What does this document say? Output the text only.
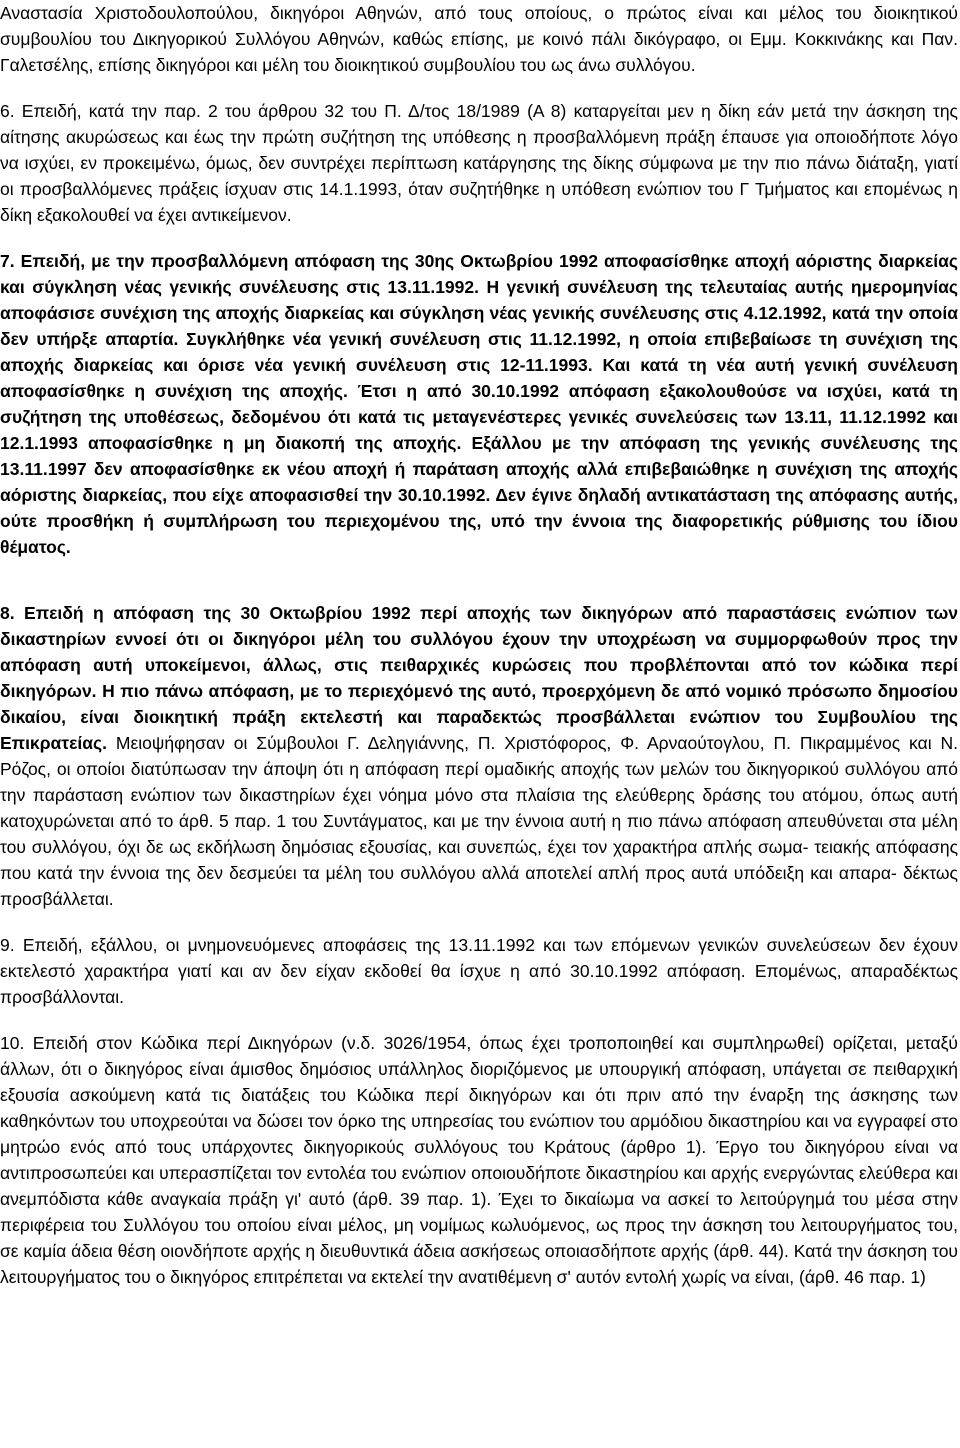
Αναστασία Χριστοδουλοπούλου, δικηγόροι Αθηνών, από τους οποίους, ο πρώτος είναι και μέλος του διοικητικού συμβουλίου του Δικηγορικού Συλλόγου Αθηνών, καθώς επίσης, με κοινό πάλι δικόγραφο, οι Εμμ. Κοκκινάκης και Παν. Γαλετσέλης, επίσης δικηγόροι και μέλη του διοικητικού συμβουλίου του ως άνω συλλόγου.

6. Επειδή, κατά την παρ. 2 του άρθρου 32 του Π. Δ/τος 18/1989 (Α 8) καταργείται μεν η δίκη εάν μετά την άσκηση της αίτησης ακυρώσεως και έως την πρώτη συζήτηση της υπόθεσης η προσβαλλόμενη πράξη έπαυσε για οποιοδήποτε λόγο να ισχύει, εν προκειμένω, όμως, δεν συντρέχει περίπτωση κατάργησης της δίκης σύμφωνα με την πιο πάνω διάταξη, γιατί οι προσβαλλόμενες πράξεις ίσχυαν στις 14.1.1993, όταν συζητήθηκε η υπόθεση ενώπιον του Γ Τμήματος και επομένως η δίκη εξακολουθεί να έχει αντικείμενον.

7. Επειδή, με την προσβαλλόμενη απόφαση της 30ης Οκτωβρίου 1992 αποφασίσθηκε αποχή αόριστης διαρκείας και σύγκληση νέας γενικής συνέλευσης στις 13.11.1992. Η γενική συνέλευση της τελευταίας αυτής ημερομηνίας αποφάσισε συνέχιση της αποχής διαρκείας και σύγκληση νέας γενικής συνέλευσης στις 4.12.1992, κατά την οποία δεν υπήρξε απαρτία. Συγκλήθηκε νέα γενική συνέλευση στις 11.12.1992, η οποία επιβεβαίωσε τη συνέχιση της αποχής διαρκείας και όρισε νέα γενική συνέλευση στις 12-11.1993. Και κατά τη νέα αυτή γενική συνέλευση αποφασίσθηκε η συνέχιση της αποχής. Έτσι η από 30.10.1992 απόφαση εξακολουθούσε να ισχύει, κατά τη συζήτηση της υποθέσεως, δεδομένου ότι κατά τις μεταγενέστερες γενικές συνελεύσεις των 13.11, 11.12.1992 και 12.1.1993 αποφασίσθηκε η μη διακοπή της αποχής. Εξάλλου με την απόφαση της γενικής συνέλευσης της 13.11.1997 δεν αποφασίσθηκε εκ νέου αποχή ή παράταση αποχής αλλά επιβεβαιώθηκε η συνέχιση της αποχής αόριστης διαρκείας, που είχε αποφασισθεί την 30.10.1992. Δεν έγινε δηλαδή αντικατάσταση της απόφασης αυτής, ούτε προσθήκη ή συμπλήρωση του περιεχομένου της, υπό την έννοια της διαφορετικής ρύθμισης του ίδιου θέματος.

8. Επειδή η απόφαση της 30 Οκτωβρίου 1992 περί αποχής των δικηγόρων από παραστάσεις ενώπιον των δικαστηρίων εννοεί ότι οι δικηγόροι μέλη του συλλόγου έχουν την υποχρέωση να συμμορφωθούν προς την απόφαση αυτή υποκείμενοι, άλλως, στις πειθαρχικές κυρώσεις που προβλέπονται από τον κώδικα περί δικηγόρων. Η πιο πάνω απόφαση, με το περιεχόμενό της αυτό, προερχόμενη δε από νομικό πρόσωπο δημοσίου δικαίου, είναι διοικητική πράξη εκτελεστή και παραδεκτώς προσβάλλεται ενώπιον του Συμβουλίου της Επικρατείας. Μειοψήφησαν οι Σύμβουλοι Γ. Δεληγιάννης, Π. Χριστόφορος, Φ. Αρναούτογλου, Π. Πικραμμένος και Ν. Ρόζος, οι οποίοι διατύπωσαν την άποψη ότι η απόφαση περί ομαδικής αποχής των μελών του δικηγορικού συλλόγου από την παράσταση ενώπιον των δικαστηρίων έχει νόημα μόνο στα πλαίσια της ελεύθερης δράσης του ατόμου, όπως αυτή κατοχυρώνεται από το άρθ. 5 παρ. 1 του Συντάγματος, και με την έννοια αυτή η πιο πάνω απόφαση απευθύνεται στα μέλη του συλλόγου, όχι δε ως εκδήλωση δημόσιας εξουσίας, και συνεπώς, έχει τον χαρακτήρα απλής σωμα- τειακής απόφασης που κατά την έννοια της δεν δεσμεύει τα μέλη του συλλόγου αλλά αποτελεί απλή προς αυτά υπόδειξη και απαρα- δέκτως προσβάλλεται.

9. Επειδή, εξάλλου, οι μνημονευόμενες αποφάσεις της 13.11.1992 και των επόμενων γενικών συνελεύσεων δεν έχουν εκτελεστό χαρακτήρα γιατί και αν δεν είχαν εκδοθεί θα ίσχυε η από 30.10.1992 απόφαση. Επομένως, απαραδέκτως προσβάλλονται.

10. Επειδή στον Κώδικα περί Δικηγόρων (ν.δ. 3026/1954, όπως έχει τροποποιηθεί και συμπληρωθεί) ορίζεται, μεταξύ άλλων, ότι ο δικηγόρος είναι άμισθος δημόσιος υπάλληλος διοριζόμενος με υπουργική απόφαση, υπάγεται σε πειθαρχική εξουσία ασκούμενη κατά τις διατάξεις του Κώδικα περί δικηγόρων και ότι πριν από την έναρξη της άσκησης των καθηκόντων του υποχρεούται να δώσει τον όρκο της υπηρεσίας του ενώπιον του αρμόδιου δικαστηρίου και να εγγραφεί στο μητρώο ενός από τους υπάρχοντες δικηγορικούς συλλόγους του Κράτους (άρθρο 1). Έργο του δικηγόρου είναι να αντιπροσωπεύει και υπερασπίζεται τον εντολέα του ενώπιον οποιουδήποτε δικαστηρίου και αρχής ενεργώντας ελεύθερα και ανεμπόδιστα κάθε αναγκαία πράξη γι' αυτό (άρθ. 39 παρ. 1). Έχει το δικαίωμα να ασκεί το λειτούργημά του μέσα στην περιφέρεια του Συλλόγου του οποίου είναι μέλος, μη νομίμως κωλυόμενος, ως προς την άσκηση του λειτουργήματος του, σε καμία άδεια θέση οιονδήποτε αρχής η διευθυντικά άδεια ασκήσεως οποιασδήποτε αρχής (άρθ. 44). Κατά την άσκηση του λειτουργήματος του ο δικηγόρος επιτρέπεται να εκτελεί την ανατιθέμενη σ' αυτόν εντολή χωρίς να είναι, (άρθ. 46 παρ. 1)
